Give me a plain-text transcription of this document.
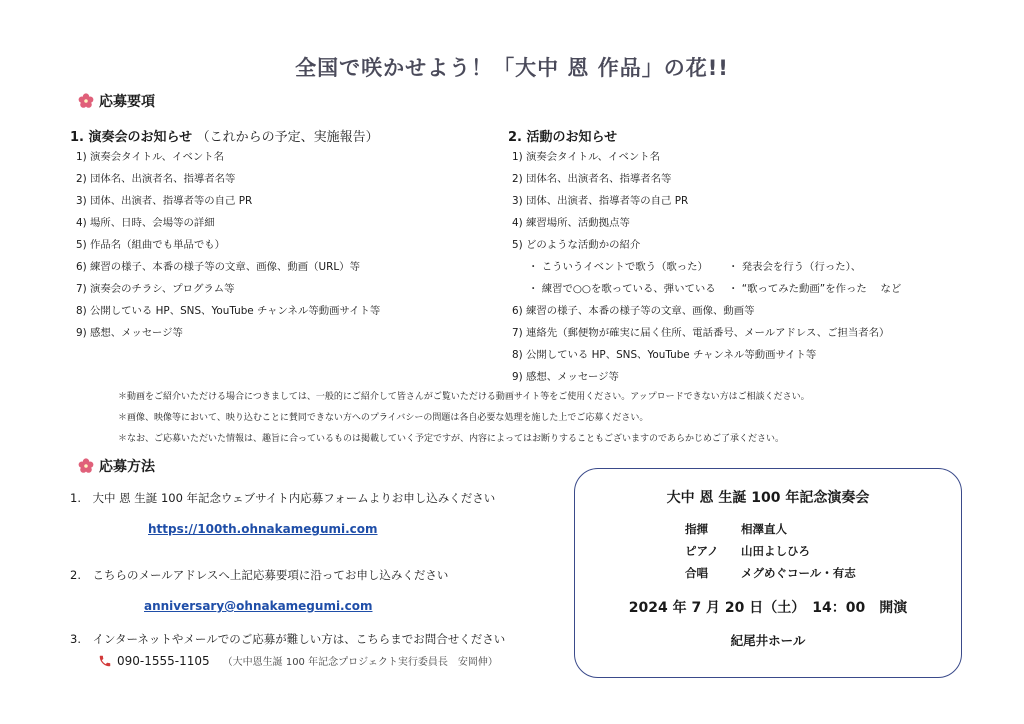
全国で咲かせよう！「大中 恩 作品」の花!!
応募要項
1. 演奏会のお知らせ （これからの予定、実施報告）
1) 演奏会タイトル、イベント名
2) 団体名、出演者名、指導者名等
3) 団体、出演者、指導者等の自己 PR
4) 場所、日時、会場等の詳細
5) 作品名（組曲でも単品でも）
6) 練習の様子、本番の様子等の文章、画像、動画（URL）等
7) 演奏会のチラシ、プログラム等
8) 公開している HP、SNS、YouTube チャンネル等動画サイト等
9) 感想、メッセージ等
2. 活動のお知らせ
1) 演奏会タイトル、イベント名
2) 団体名、出演者名、指導者名等
3) 団体、出演者、指導者等の自己 PR
4) 練習場所、活動拠点等
5) どのような活動かの紹介
・ こういうイベントで歌う（歌った） ・ 発表会を行う（行った）、
・ 練習で○○を歌っている、弾いている ・ “歌ってみた動画”を作った　 など
6) 練習の様子、本番の様子等の文章、画像、動画等
7) 連絡先（郵便物が確実に届く住所、電話番号、メールアドレス、ご担当者名）
8) 公開している HP、SNS、YouTube チャンネル等動画サイト等
9) 感想、メッセージ等
＊動画をご紹介いただける場合につきましては、一般的にご紹介して皆さんがご覧いただける動画サイト等をご使用ください。アップロードできない方はご相談ください。
＊画像、映像等において、映り込むことに賛同できない方へのプライバシーの問題は各自必要な処理を施した上でご応募ください。
＊なお、ご応募いただいた情報は、趣旨に合っているものは掲載していく予定ですが、内容によってはお断りすることもございますのであらかじめご了承ください。
応募方法
1.　大中 恩 生誕 100 年記念ウェブサイト内応募フォームよりお申し込みください
https://100th.ohnakamegumi.com
2.　こちらのメールアドレスへ上記応募要項に沿ってお申し込みください
anniversary@ohnakamegumi.com
3.　インターネットやメールでのご応募が難しい方は、こちらまでお問合せください
090-1555-1105 （大中恩生誕 100 年記念プロジェクト実行委員長　安岡伸）
大中 恩 生誕 100 年記念演奏会
指揮	相澤直人
ピアノ 山田よしひろ
合唱	メグめぐコール・有志
2024 年 7 月 20 日（土）　14：00　開演
紀尾井ホール
